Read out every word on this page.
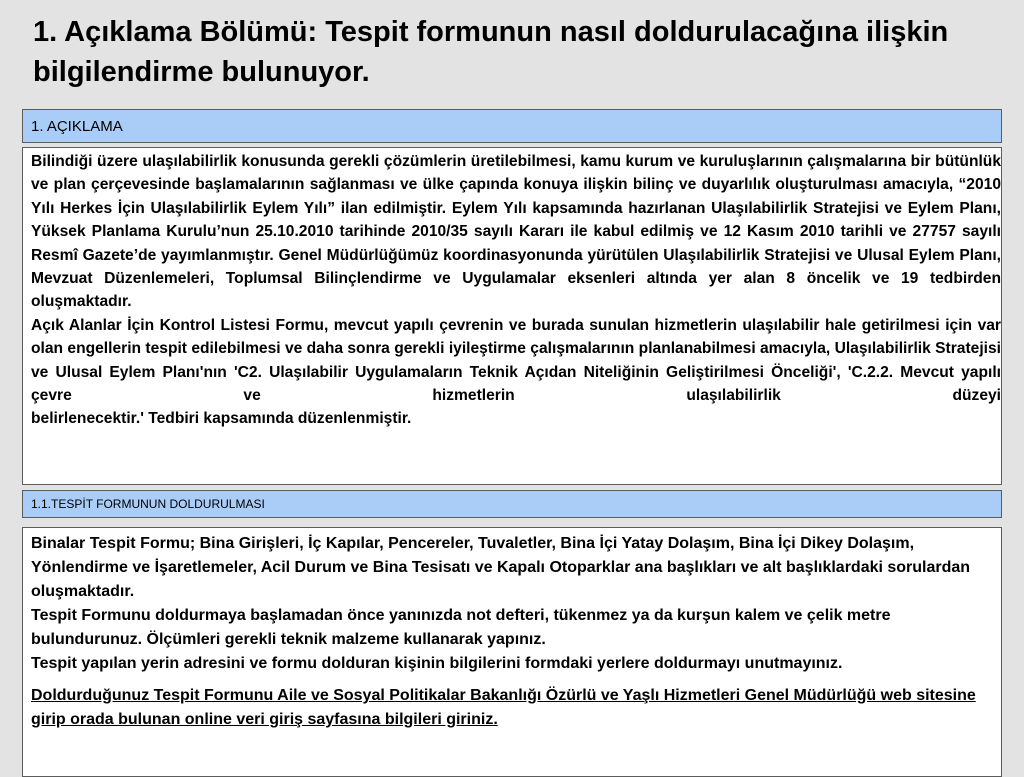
1. Açıklama Bölümü: Tespit formunun nasıl doldurulacağına ilişkin bilgilendirme bulunuyor.
1. AÇIKLAMA

Bilindiği üzere ulaşılabilirlik konusunda gerekli çözümlerin üretilebilmesi, kamu kurum ve kuruluşlarının çalışmalarına bir bütünlük ve plan çerçevesinde başlamalarının sağlanması ve ülke çapında konuya ilişkin bilinç ve duyarlılık oluşturulması amacıyla, “2010 Yılı Herkes İçin Ulaşılabilirlik Eylem Yılı” ilan edilmiştir. Eylem Yılı kapsamında hazırlanan Ulaşılabilirlik Stratejisi ve Eylem Planı, Yüksek Planlama Kurulu’nun 25.10.2010 tarihinde 2010/35 sayılı Kararı ile kabul edilmiş ve 12 Kasım 2010 tarihli ve 27757 sayılı Resmî Gazete’de yayımlanmıştır. Genel Müdürlüğümüz koordinasyonunda yürütülen Ulaşılabilirlik Stratejisi ve Ulusal Eylem Planı, Mevzuat Düzenlemeleri, Toplumsal Bilinçlendirme ve Uygulamalar eksenleri altında yer alan 8 öncelik ve 19 tedbirden oluşmaktadır.

Açık Alanlar İçin Kontrol Listesi Formu, mevcut yapılı çevrenin ve burada sunulan hizmetlerin ulaşılabilir hale getirilmesi için var olan engellerin tespit edilebilmesi ve daha sonra gerekli iyileştirme çalışmalarının planlanabilmesi amacıyla, Ulaşılabilirlik Stratejisi ve Ulusal Eylem Planı'nın 'C2. Ulaşılabilir Uygulamaların Teknik Açıdan Niteliğinin Geliştirilmesi Önceliği', 'C.2.2. Mevcut yapılı çevre ve hizmetlerin ulaşılabilirlik düzeyi

belirlenecektir.' Tedbiri kapsamında düzenlenmiştir.

1.1.TESPİT FORMUNUN DOLDURULMASI

Binalar Tespit Formu; Bina Girişleri, İç Kapılar, Pencereler, Tuvaletler, Bina İçi Yatay Dolaşım, Bina İçi Dikey Dolaşım, Yönlendirme ve İşaretlemeler, Acil Durum ve Bina Tesisatı ve Kapalı Otoparklar ana başlıkları ve alt başlıklardaki sorulardan oluşmaktadır.

Tespit Formunu doldurmaya başlamadan önce yanınızda not defteri, tükenmez ya da kurşun kalem ve çelik metre bulundurunuz. Ölçümleri gerekli teknik malzeme kullanarak yapınız.

Tespit yapılan yerin adresini ve formu dolduran kişinin bilgilerini formdaki yerlere doldurmayı unutmayınız.

Doldurduğunuz Tespit Formunu Aile ve Sosyal Politikalar Bakanlığı Özürlü ve Yaşlı Hizmetleri Genel Müdürlüğü web sitesine girip orada bulunan online veri giriş sayfasına bilgileri giriniz.
